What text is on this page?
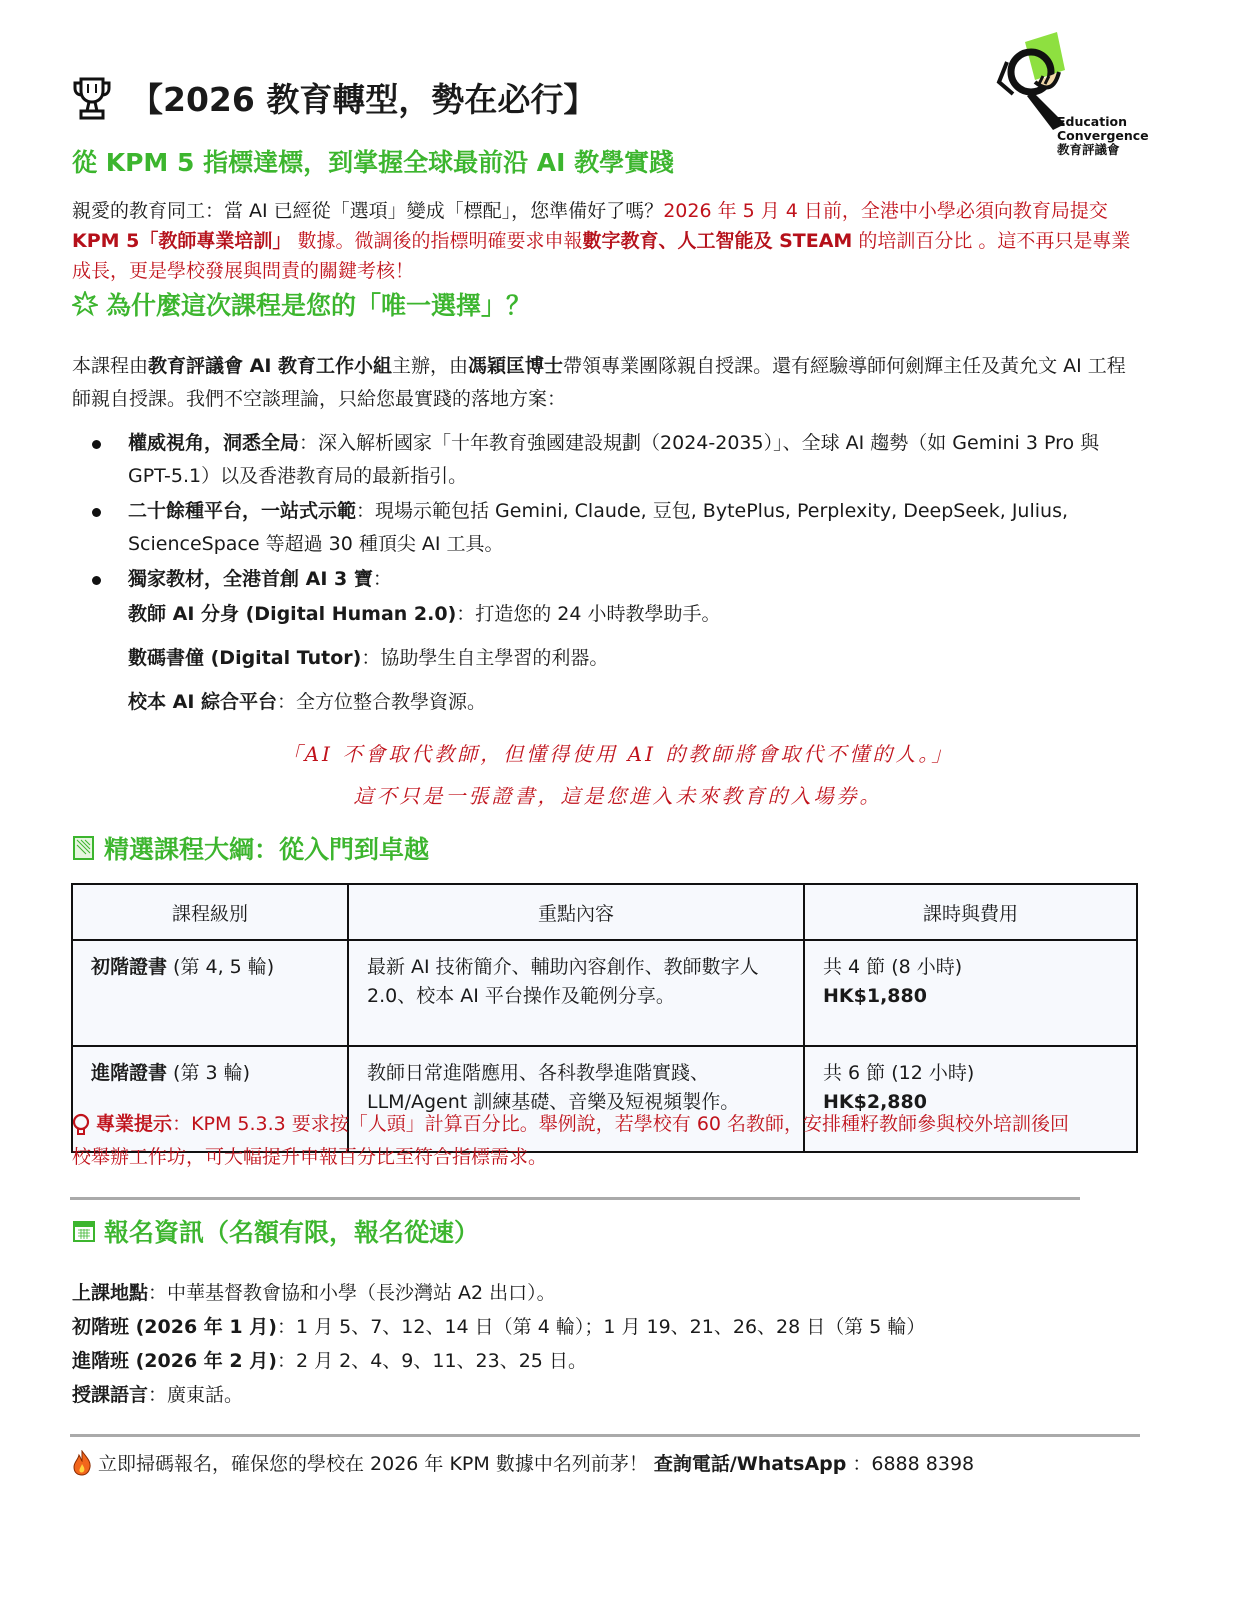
【2026 教育轉型，勢在必行】
從 KPM 5 指標達標，到掌握全球最前沿 AI 教學實踐
Education
Convergence
教育評議會
親愛的教育同工：當 AI 已經從「選項」變成「標配」，您準備好了嗎？2026 年 5 月 4 日前，全港中小學必須向教育局提交 KPM 5「教師專業培訓」 數據。微調後的指標明確要求申報數字教育、人工智能及 STEAM 的培訓百分比 。這不再只是專業成長，更是學校發展與問責的關鍵考核！
為什麼這次課程是您的「唯一選擇」？
本課程由教育評議會 AI 教育工作小組主辦，由馮穎匡博士帶領專業團隊親自授課。還有經驗導師何劍輝主任及黃允文 AI 工程師親自授課。我們不空談理論，只給您最實踐的落地方案：
權威視角，洞悉全局：深入解析國家「十年教育強國建設規劃（2024-2035）」、全球 AI 趨勢（如 Gemini 3 Pro 與 GPT-5.1）以及香港教育局的最新指引。
二十餘種平台，一站式示範：現場示範包括 Gemini, Claude, 豆包, BytePlus, Perplexity, DeepSeek, Julius, ScienceSpace 等超過 30 種頂尖 AI 工具。
獨家教材，全港首創 AI 3 寶：
教師 AI 分身 (Digital Human 2.0)：打造您的 24 小時教學助手。
數碼書僮 (Digital Tutor)：協助學生自主學習的利器。
校本 AI 綜合平台：全方位整合教學資源。
「AI 不會取代教師，但懂得使用 AI 的教師將會取代不懂的人。」
這不只是一張證書，這是您進入未來教育的入場券。
精選課程大綱：從入門到卓越
課程級別	重點內容	課時與費用
初階證書 (第 4, 5 輪)	最新 AI 技術簡介、輔助內容創作、教師數字人 2.0、校本 AI 平台操作及範例分享。	共 4 節 (8 小時)
HK$1,880
進階證書 (第 3 輪)	教師日常進階應用、各科教學進階實踐、LLM/Agent 訓練基礎、音樂及短視頻製作。	共 6 節 (12 小時)
HK$2,880
專業提示：KPM 5.3.3 要求按「人頭」計算百分比。舉例說，若學校有 60 名教師，安排種籽教師參與校外培訓後回校舉辦工作坊，可大幅提升申報百分比至符合指標需求。
報名資訊（名額有限，報名從速）
上課地點：中華基督教會協和小學（長沙灣站 A2 出口）。
初階班 (2026 年 1 月)：1 月 5、7、12、14 日（第 4 輪）；1 月 19、21、26、28 日（第 5 輪）
進階班 (2026 年 2 月)：2 月 2、4、9、11、23、25 日。
授課語言：廣東話。
立即掃碼報名，確保您的學校在 2026 年 KPM 數據中名列前茅！ 查詢電話/WhatsApp ：6888 8398
